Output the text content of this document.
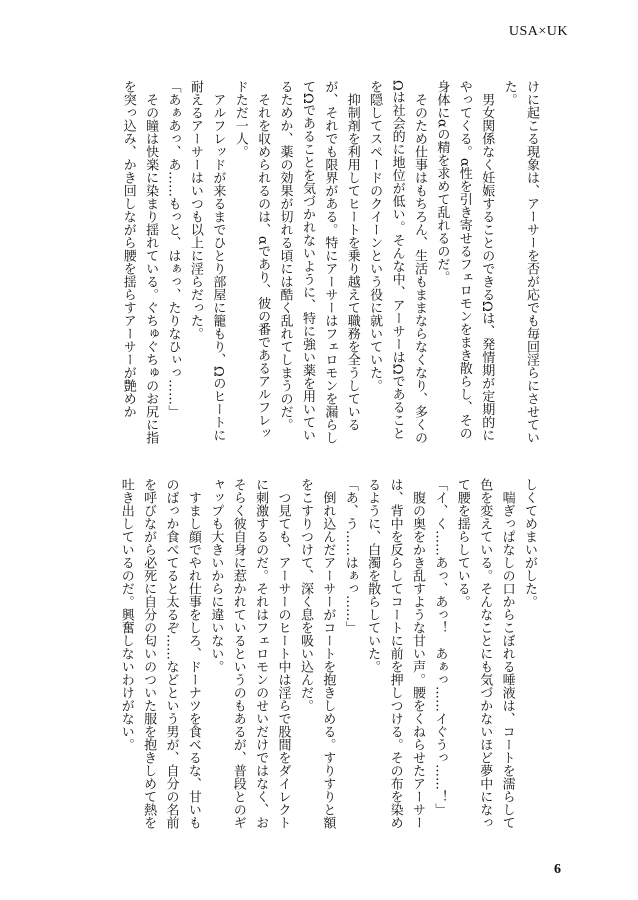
USA×UK

けに起こる現象は、アーサーを否が応でも毎回淫らにさせていた。

　男女関係なく妊娠することのできるΩは、発情期が定期的にやってくる。α性を引き寄せるフェロモンをまき散らし、その身体にαの精を求めて乱れるのだ。

　そのため仕事はもちろん、生活もままならなくなり、多くのΩは社会的に地位が低い。そんな中、アーサーはΩであることを隠してスペードのクイーンという役に就いていた。

　抑制剤を利用してヒートを乗り越えて職務を全うしているが、それでも限界がある。特にアーサーはフェロモンを漏らしてΩであることを気づかれないように、特に強い薬を用いているためか、薬の効果が切れる頃には酷く乱れてしまうのだ。

　それを収められるのは、αであり、彼の番であるアルフレッドただ一人。

　アルフレッドが来るまでひとり部屋に籠もり、Ωのヒートに耐えるアーサーはいつも以上に淫らだった。

「あぁあっ、あ……もっと、はぁっ、たりなひぃっ……」

　その瞳は快楽に染まり揺れている。ぐちゅぐちゅのお尻に指を突っ込み、かき回しながら腰を揺らすアーサーが艶めか

しくてめまいがした。

　喘ぎっぱなしの口からこぼれる唾液は、コートを濡らして色を変えている。そんなことにも気づかないほど夢中になって腰を揺らしている。

「イ、く……あっ、あっ！　あぁっ……イぐうっ……！」

　腹の奥をかき乱すような甘い声。腰をくねらせたアーサーは、背中を反らしてコートに前を押しつける。その布を染めるように、白濁を散らしていた。

「あ、う……はぁっ……」

　倒れ込んだアーサーがコートを抱きしめる。すりすりと額をこすりつけて、深く息を吸い込んだ。

　つ見ても、アーサーのヒート中は淫らで股間をダイレクトに刺激するのだ。それはフェロモンのせいだけではなく、おそらく彼自身に惹かれているというのもあるが、普段とのギャップも大きいからに違いない。

　すまし顔でやれ仕事をしろ、ドーナツを食べるな、甘いものばっか食べてると太るぞ……などという男が、自分の名前を呼びながら必死に自分の匂いのついた服を抱きしめて熱を吐き出しているのだ。興奮しないわけがない。

6
